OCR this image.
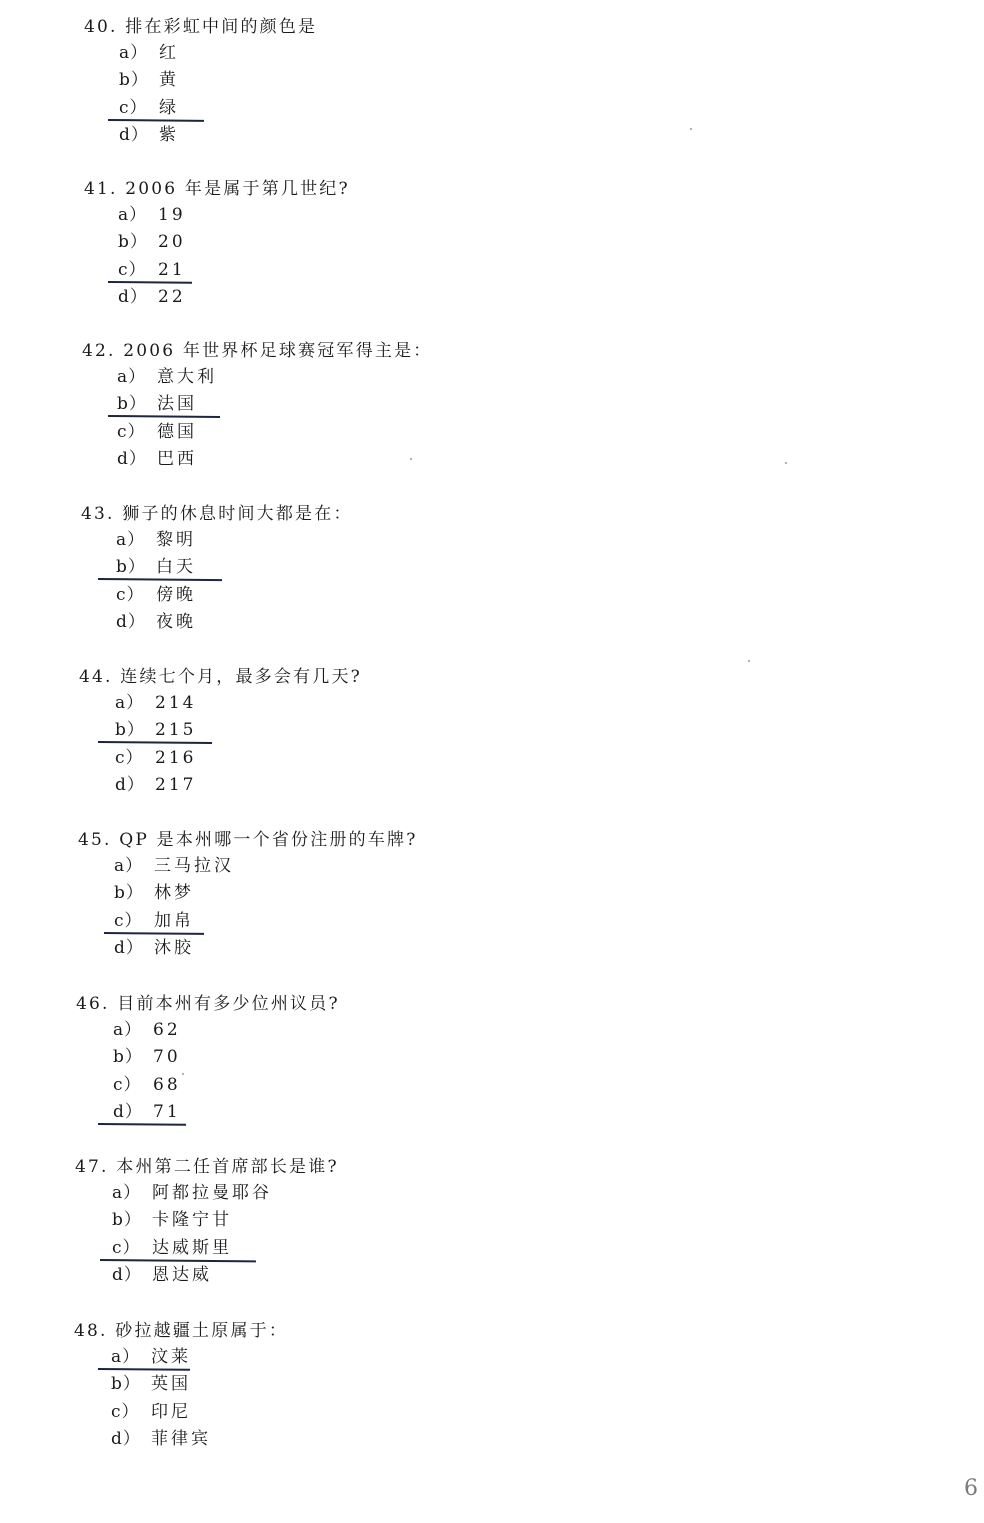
40. 排在彩虹中间的颜色是
a） 红
b） 黄
c） 绿
d） 紫
41. 2006 年是属于第几世纪?
a） 19
b） 20
c） 21
d） 22
42. 2006 年世界杯足球赛冠军得主是：
a） 意大利
b） 法国
c） 德国
d） 巴西
43. 狮子的休息时间大都是在：
a） 黎明
b） 白天
c） 傍晚
d） 夜晚
44. 连续七个月，最多会有几天?
a） 214
b） 215
c） 216
d） 217
45. QP 是本州哪一个省份注册的车牌?
a） 三马拉汉
b） 林梦
c） 加帛
d） 沐胶
46. 目前本州有多少位州议员?
a） 62
b） 70
c） 68
d） 71
47. 本州第二任首席部长是谁?
a） 阿都拉曼耶谷
b） 卡隆宁甘
c） 达威斯里
d） 恩达威
48. 砂拉越疆土原属于：
a） 汶莱
b） 英国
c） 印尼
d） 菲律宾
6
